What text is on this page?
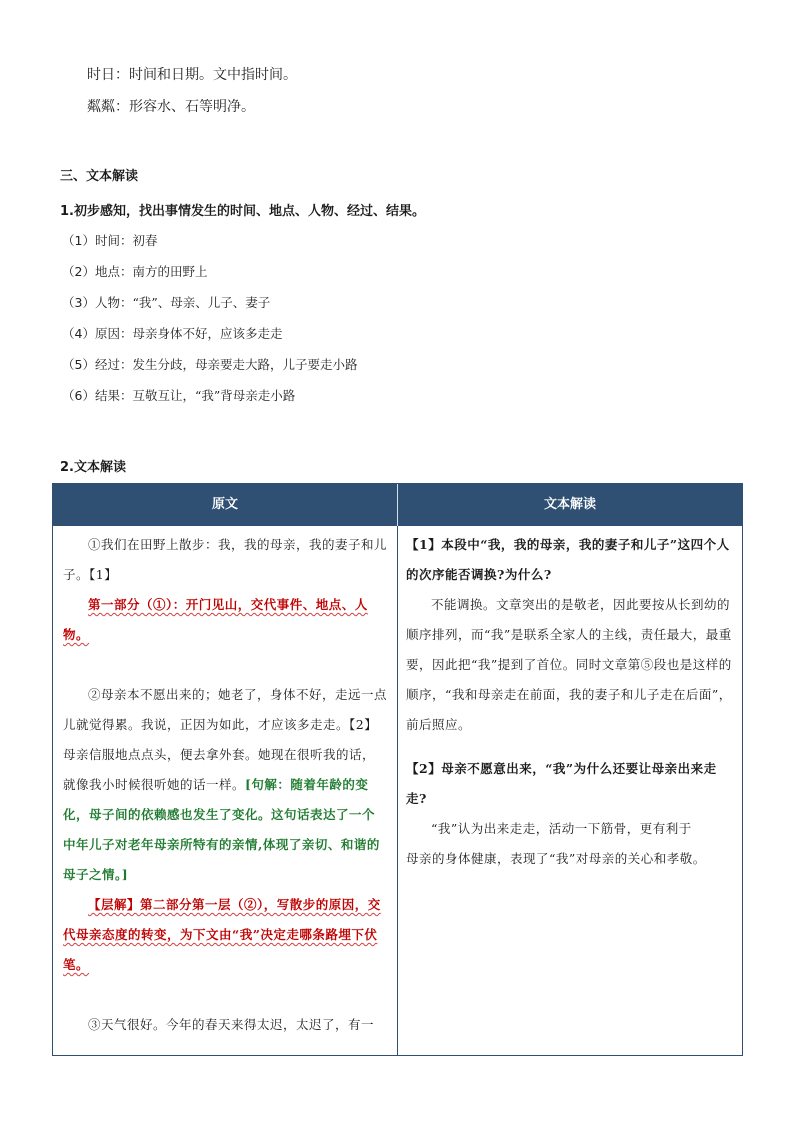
时日：时间和日期。文中指时间。
粼粼：形容水、石等明净。
三、文本解读
1.初步感知，找出事情发生的时间、地点、人物、经过、结果。
（1）时间：初春
（2）地点：南方的田野上
（3）人物：“我”、母亲、儿子、妻子
（4）原因：母亲身体不好，应该多走走
（5）经过：发生分歧，母亲要走大路，儿子要走小路
（6）结果：互敬互让，“我”背母亲走小路
2.文本解读
原文	文本解读
①我们在田野上散步：我，我的母亲，我的妻子和儿子。【1】
第一部分（①）：开门见山，交代事件、地点、人物。
②母亲本不愿出来的；她老了，身体不好，走远一点儿就觉得累。我说，正因为如此，才应该多走走。【2】母亲信服地点点头，便去拿外套。她现在很听我的话，就像我小时候很听她的话一样。[句解：随着年龄的变化，母子间的依赖感也发生了变化。这句话表达了一个中年儿子对老年母亲所特有的亲情,体现了亲切、和谐的母子之情。]
【层解】第二部分第一层（②），写散步的原因，交代母亲态度的转变，为下文由“我”决定走哪条路埋下伏笔。
③天气很好。今年的春天来得太迟，太迟了，有一
【1】本段中“我，我的母亲，我的妻子和儿子”这四个人的次序能否调换?为什么?
不能调换。文章突出的是敬老，因此要按从长到幼的顺序排列，而“我”是联系全家人的主线，责任最大，最重要，因此把“我”提到了首位。同时文章第⑤段也是这样的顺序，“我和母亲走在前面，我的妻子和儿子走在后面”，前后照应。
【2】母亲不愿意出来，“我”为什么还要让母亲出来走走?
“我”认为出来走走，活动一下筋骨，更有利于
母亲的身体健康，表现了“我”对母亲的关心和孝敬。
